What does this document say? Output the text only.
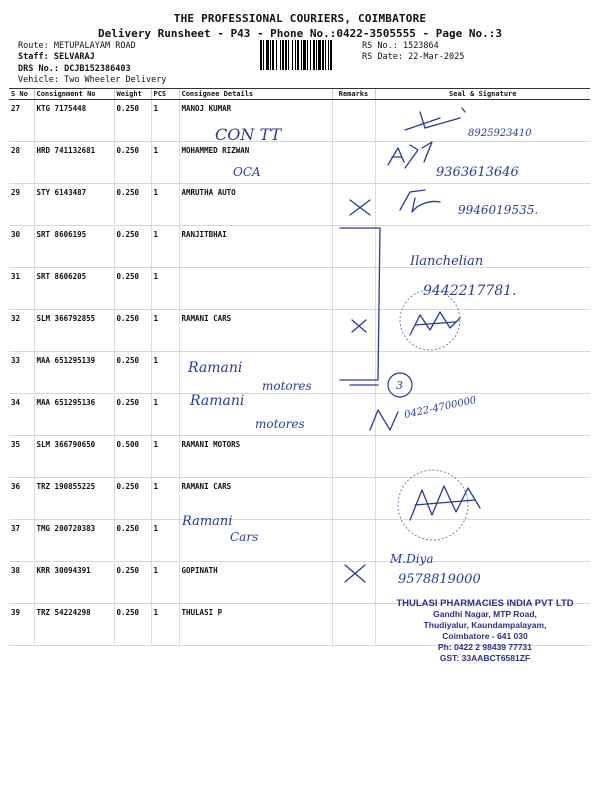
THE PROFESSIONAL COURIERS, COIMBATORE
Delivery Runsheet - P43 - Phone No.:0422-3505555 - Page No.:3
Route: METUPALAYAM ROAD
Staff: SELVARAJ
DRS No.: DCJB152386403
Vehicle: Two Wheeler Delivery
RS No.: 1523864
RS Date: 22-Mar-2025
S No	Consignment No	Weight	PCS	Consignee Details	Remarks	Seal & Signature
27	KTG 7175448	0.250	1	MANOJ KUMAR		
28	HRD 741132681	0.250	1	MOHAMMED RIZWAN		
29	STY 6143487	0.250	1	AMRUTHA AUTO		
30	SRT 8606195	0.250	1	RANJITBHAI		
31	SRT 8606205	0.250	1			
32	SLM 366792855	0.250	1	RAMANI CARS		
33	MAA 651295139	0.250	1			
34	MAA 651295136	0.250	1			
35	SLM 366790650	0.500	1	RAMANI MOTORS		
36	TRZ 190855225	0.250	1	RAMANI CARS		
37	TMG 200720383	0.250	1			
38	KRR 30094391	0.250	1	GOPINATH		
39	TRZ 54224298	0.250	1	THULASI P		
CON TT	8925923410
OCA	9363613646
9946019535.
Ilanchelian
9442217781.
Ramani
motores	3
Ramani
motores
0422-4700000
Ramani
Cars
M.Diya
9578819000
THULASI PHARMACIES INDIA PVT LTD
Gandhi Nagar, MTP Road,
Thudiyalur, Kaundampalayam,
Coimbatore - 641 030
Ph: 0422 2 98439 77731
GST: 33AABCT6581ZF
